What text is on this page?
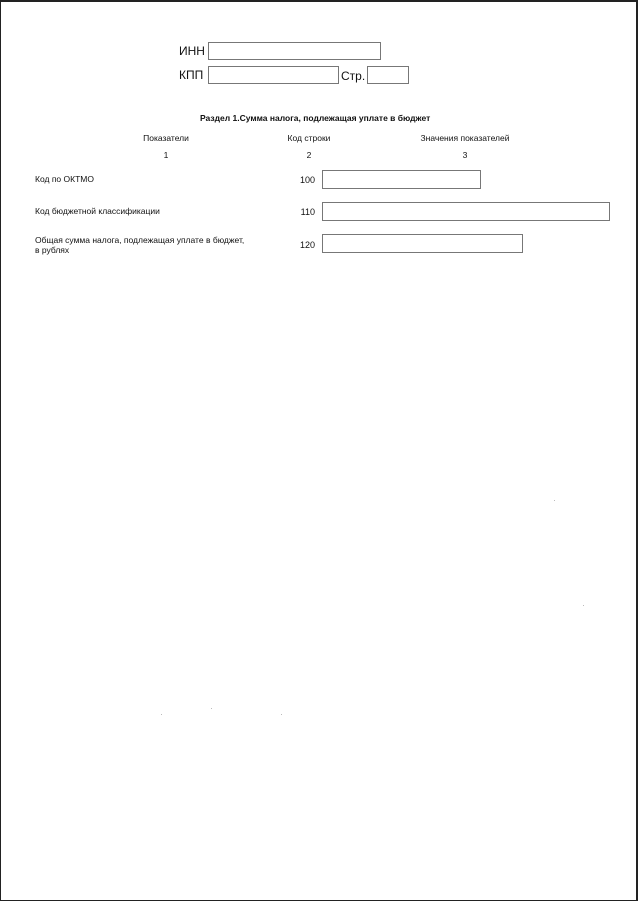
ИНН
КПП	Стр.
Раздел 1.Сумма налога, подлежащая уплате в бюджет
Показатели	Код строки	Значения показателей
1	2	3
Код по ОКТМО	100
Код бюджетной классификации	110
Общая сумма налога, подлежащая уплате в бюджет,
в рублях	120
